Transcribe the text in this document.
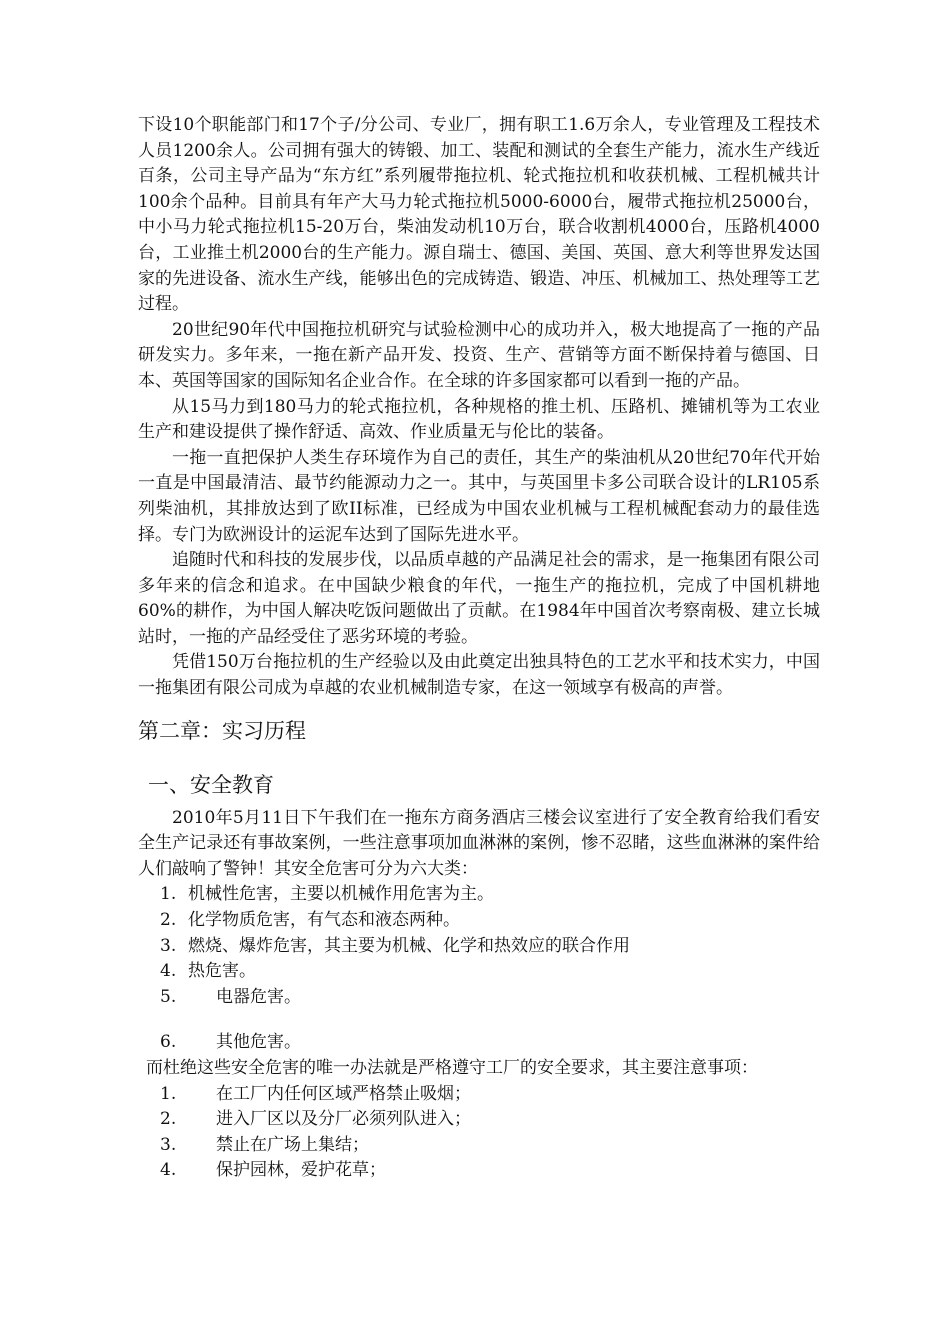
下设10个职能部门和17个子/分公司、专业厂，拥有职工1.6万余人，专业管理及工程技术人员1200余人。公司拥有强大的铸锻、加工、装配和测试的全套生产能力，流水生产线近百条，公司主导产品为“东方红”系列履带拖拉机、轮式拖拉机和收获机械、工程机械共计100余个品种。目前具有年产大马力轮式拖拉机5000-6000台，履带式拖拉机25000台，中小马力轮式拖拉机15-20万台，柴油发动机10万台，联合收割机4000台，压路机4000台，工业推土机2000台的生产能力。源自瑞士、德国、美国、英国、意大利等世界发达国家的先进设备、流水生产线，能够出色的完成铸造、锻造、冲压、机械加工、热处理等工艺过程。

20世纪90年代中国拖拉机研究与试验检测中心的成功并入，极大地提高了一拖的产品研发实力。多年来，一拖在新产品开发、投资、生产、营销等方面不断保持着与德国、日本、英国等国家的国际知名企业合作。在全球的许多国家都可以看到一拖的产品。

从15马力到180马力的轮式拖拉机，各种规格的推土机、压路机、摊铺机等为工农业生产和建设提供了操作舒适、高效、作业质量无与伦比的装备。

一拖一直把保护人类生存环境作为自己的责任，其生产的柴油机从20世纪70年代开始一直是中国最清洁、最节约能源动力之一。其中，与英国里卡多公司联合设计的LR105系列柴油机，其排放达到了欧II标准，已经成为中国农业机械与工程机械配套动力的最佳选择。专门为欧洲设计的运泥车达到了国际先进水平。

追随时代和科技的发展步伐，以品质卓越的产品满足社会的需求，是一拖集团有限公司多年来的信念和追求。在中国缺少粮食的年代，一拖生产的拖拉机，完成了中国机耕地60%的耕作，为中国人解决吃饭问题做出了贡献。在1984年中国首次考察南极、建立长城站时，一拖的产品经受住了恶劣环境的考验。

凭借150万台拖拉机的生产经验以及由此奠定出独具特色的工艺水平和技术实力，中国一拖集团有限公司成为卓越的农业机械制造专家，在这一领域享有极高的声誉。

第二章：实习历程
一、安全教育

2010年5月11日下午我们在一拖东方商务酒店三楼会议室进行了安全教育给我们看安全生产记录还有事故案例，一些注意事项加血淋淋的案例，惨不忍睹，这些血淋淋的案件给人们敲响了警钟！其安全危害可分为六大类：

1. 机械性危害，主要以机械作用危害为主。
2. 化学物质危害，有气态和液态两种。
3. 燃烧、爆炸危害，其主要为机械、化学和热效应的联合作用
4. 热危害。
5.	电器危害。
6.	其他危害。

而杜绝这些安全危害的唯一办法就是严格遵守工厂的安全要求，其主要注意事项：

1.	在工厂内任何区域严格禁止吸烟；
2.	进入厂区以及分厂必须列队进入；
3.	禁止在广场上集结；
4.	保护园林，爱护花草；
